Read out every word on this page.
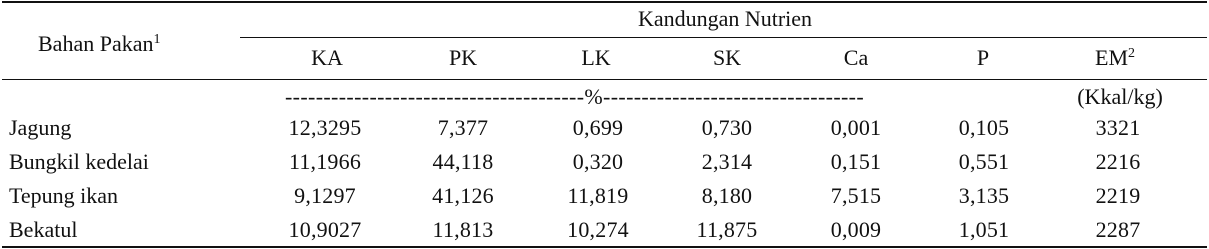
Bahan Pakan$^1$
Kandungan Nutrien
KA	PK	LK	SK	Ca	P	$EM^2$
---------------------------------------%----------------------------------	(Kkal/kg)
Jagung	12,3295	7,377	0,699	0,730	0,001	0,105	3321
Bungkil kedelai	11,1966	44,118	0,320	2,314	0,151	0,551	2216
Tepung ikan	9,1297	41,126	11,819	8,180	7,515	3,135	2219
Bekatul	10,9027	11,813	10,274	11,875	0,009	1,051	2287
